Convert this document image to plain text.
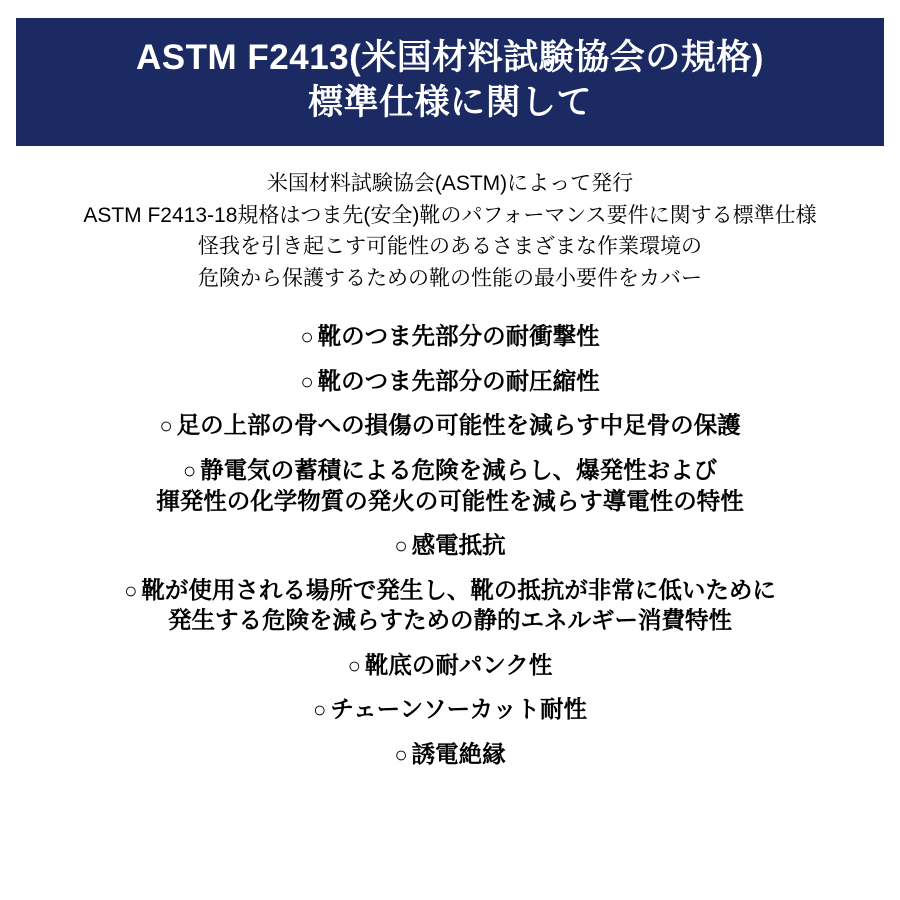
ASTM F2413(米国材料試験協会の規格)
標準仕様に関して
米国材料試験協会(ASTM)によって発行
ASTM F2413-18規格はつま先(安全)靴のパフォーマンス要件に関する標準仕様
怪我を引き起こす可能性のあるさまざまな作業環境の
危険から保護するための靴の性能の最小要件をカバー
○ 靴のつま先部分の耐衝撃性
○ 靴のつま先部分の耐圧縮性
○ 足の上部の骨への損傷の可能性を減らす中足骨の保護
○ 静電気の蓄積による危険を減らし、爆発性および
揮発性の化学物質の発火の可能性を減らす導電性の特性
○ 感電抵抗
○ 靴が使用される場所で発生し、靴の抵抗が非常に低いために
発生する危険を減らすための静的エネルギー消費特性
○ 靴底の耐パンク性
○ チェーンソーカット耐性
○ 誘電絶縁
